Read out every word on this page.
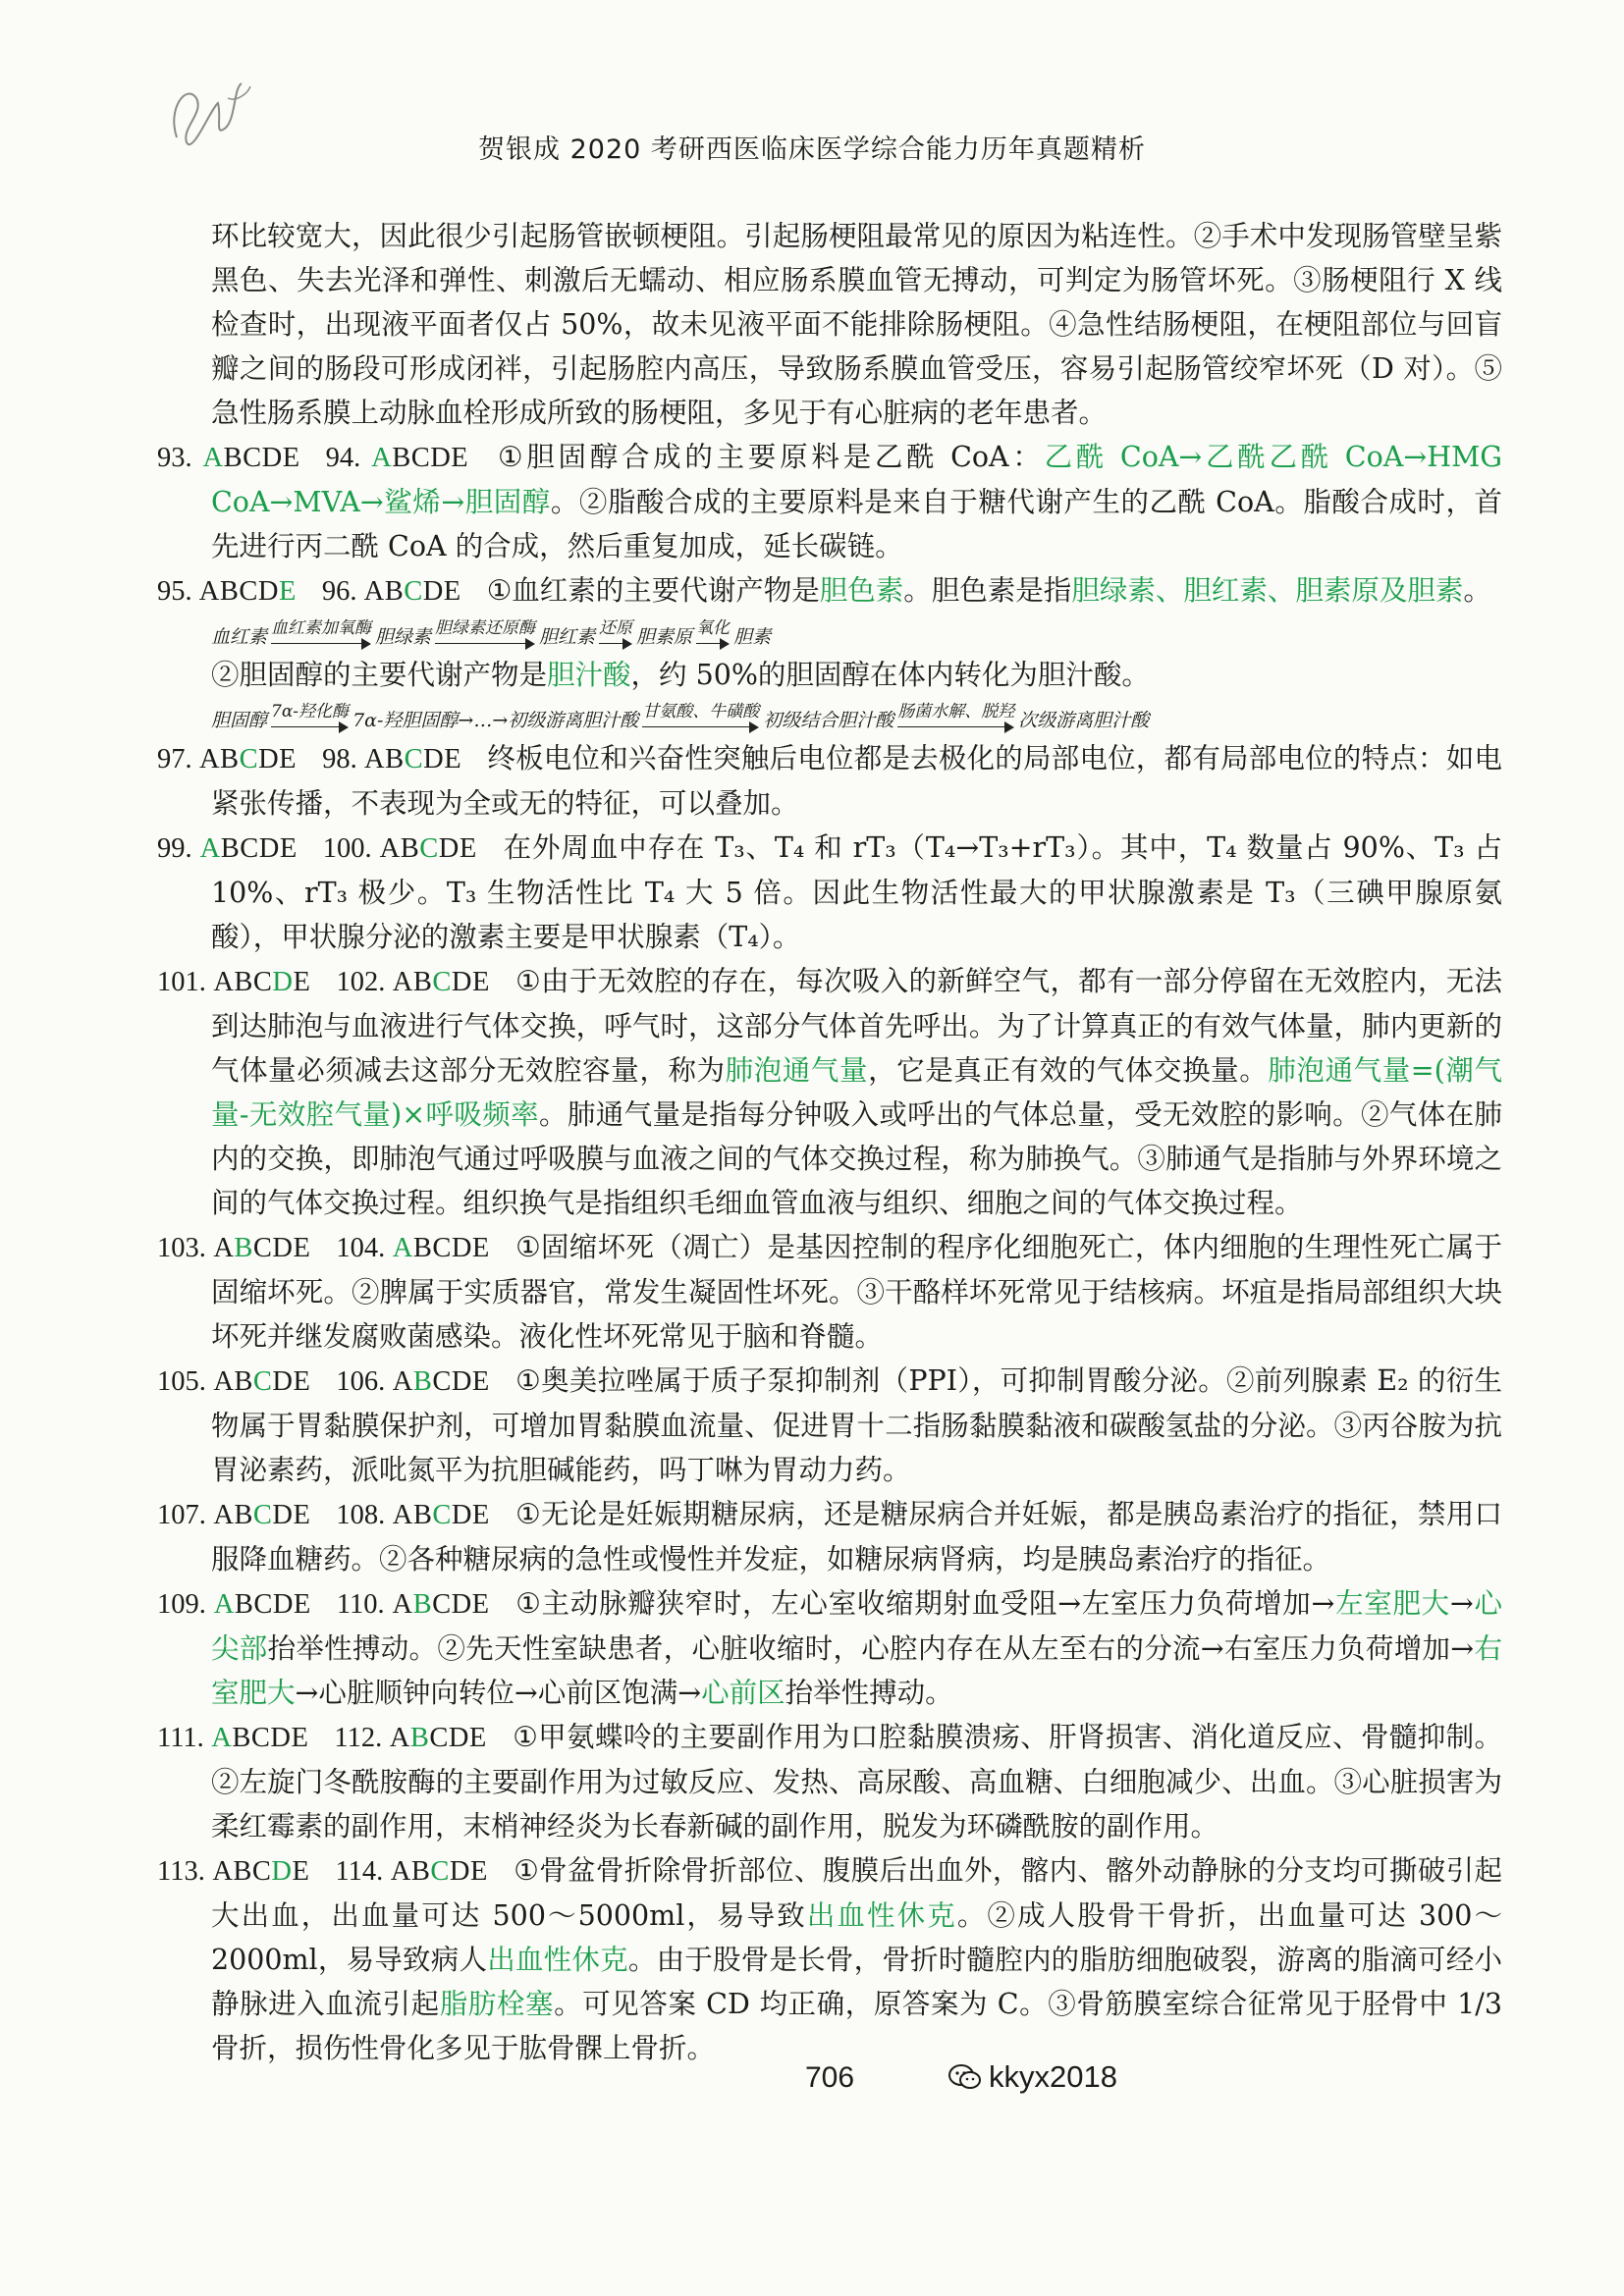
贺银成 2020 考研西医临床医学综合能力历年真题精析

环比较宽大，因此很少引起肠管嵌顿梗阻。引起肠梗阻最常见的原因为粘连性。②手术中发现肠管壁呈紫黑色、失去光泽和弹性、刺激后无蠕动、相应肠系膜血管无搏动，可判定为肠管坏死。③肠梗阻行 X 线检查时，出现液平面者仅占 50%，故未见液平面不能排除肠梗阻。④急性结肠梗阻，在梗阻部位与回盲瓣之间的肠段可形成闭袢，引起肠腔内高压，导致肠系膜血管受压，容易引起肠管绞窄坏死（D 对）。⑤急性肠系膜上动脉血栓形成所致的肠梗阻，多见于有心脏病的老年患者。

93. ABCDE 94. ABCDE ①胆固醇合成的主要原料是乙酰 CoA：乙酰 CoA→乙酰乙酰 CoA→HMG CoA→MVA→鲨烯→胆固醇。②脂酸合成的主要原料是来自于糖代谢产生的乙酰 CoA。脂酸合成时，首先进行丙二酰 CoA 的合成，然后重复加成，延长碳链。

95. ABCDE 96. ABCDE ①血红素的主要代谢产物是胆色素。胆色素是指胆绿素、胆红素、胆素原及胆素。

血红素 血红素加氧酶 胆绿素 胆绿素还原酶 胆红素 还原 胆素原 氧化 胆素

②胆固醇的主要代谢产物是胆汁酸，约 50%的胆固醇在体内转化为胆汁酸。

胆固醇 7α-羟化酶 7α-羟胆固醇→…→初级游离胆汁酸 甘氨酸、牛磺酸 初级结合胆汁酸 肠菌水解、脱羟 次级游离胆汁酸

97. ABCDE 98. ABCDE 终板电位和兴奋性突触后电位都是去极化的局部电位，都有局部电位的特点：如电紧张传播，不表现为全或无的特征，可以叠加。

99. ABCDE 100. ABCDE 在外周血中存在 T₃、T₄ 和 rT₃（T₄→T₃+rT₃）。其中，T₄ 数量占 90%、T₃ 占 10%、rT₃ 极少。T₃ 生物活性比 T₄ 大 5 倍。因此生物活性最大的甲状腺激素是 T₃（三碘甲腺原氨酸），甲状腺分泌的激素主要是甲状腺素（T₄）。

101. ABCDE 102. ABCDE ①由于无效腔的存在，每次吸入的新鲜空气，都有一部分停留在无效腔内，无法到达肺泡与血液进行气体交换，呼气时，这部分气体首先呼出。为了计算真正的有效气体量，肺内更新的气体量必须减去这部分无效腔容量，称为肺泡通气量，它是真正有效的气体交换量。肺泡通气量=(潮气量-无效腔气量)×呼吸频率。肺通气量是指每分钟吸入或呼出的气体总量，受无效腔的影响。②气体在肺内的交换，即肺泡气通过呼吸膜与血液之间的气体交换过程，称为肺换气。③肺通气是指肺与外界环境之间的气体交换过程。组织换气是指组织毛细血管血液与组织、细胞之间的气体交换过程。

103. ABCDE 104. ABCDE ①固缩坏死（凋亡）是基因控制的程序化细胞死亡，体内细胞的生理性死亡属于固缩坏死。②脾属于实质器官，常发生凝固性坏死。③干酪样坏死常见于结核病。坏疽是指局部组织大块坏死并继发腐败菌感染。液化性坏死常见于脑和脊髓。

105. ABCDE 106. ABCDE ①奥美拉唑属于质子泵抑制剂（PPI），可抑制胃酸分泌。②前列腺素 E₂ 的衍生物属于胃黏膜保护剂，可增加胃黏膜血流量、促进胃十二指肠黏膜黏液和碳酸氢盐的分泌。③丙谷胺为抗胃泌素药，派吡氮平为抗胆碱能药，吗丁啉为胃动力药。

107. ABCDE 108. ABCDE ①无论是妊娠期糖尿病，还是糖尿病合并妊娠，都是胰岛素治疗的指征，禁用口服降血糖药。②各种糖尿病的急性或慢性并发症，如糖尿病肾病，均是胰岛素治疗的指征。

109. ABCDE 110. ABCDE ①主动脉瓣狭窄时，左心室收缩期射血受阻→左室压力负荷增加→左室肥大→心尖部抬举性搏动。②先天性室缺患者，心脏收缩时，心腔内存在从左至右的分流→右室压力负荷增加→右室肥大→心脏顺钟向转位→心前区饱满→心前区抬举性搏动。

111. ABCDE 112. ABCDE ①甲氨蝶呤的主要副作用为口腔黏膜溃疡、肝肾损害、消化道反应、骨髓抑制。②左旋门冬酰胺酶的主要副作用为过敏反应、发热、高尿酸、高血糖、白细胞减少、出血。③心脏损害为柔红霉素的副作用，末梢神经炎为长春新碱的副作用，脱发为环磷酰胺的副作用。

113. ABCDE 114. ABCDE ①骨盆骨折除骨折部位、腹膜后出血外，髂内、髂外动静脉的分支均可撕破引起大出血，出血量可达 500～5000ml，易导致出血性休克。②成人股骨干骨折，出血量可达 300～2000ml，易导致病人出血性休克。由于股骨是长骨，骨折时髓腔内的脂肪细胞破裂，游离的脂滴可经小静脉进入血流引起脂肪栓塞。可见答案 CD 均正确，原答案为 C。③骨筋膜室综合征常见于胫骨中 1/3 骨折，损伤性骨化多见于肱骨髁上骨折。

706	kkyx2018
